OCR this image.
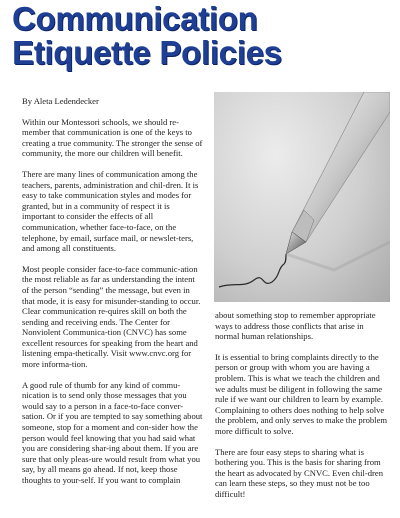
Communication
Etiquette Policies

By Aleta Ledendecker

Within our Montessori schools, we should re-member that communication is one of the keys to creating a true community. The stronger the sense of community, the more our children will benefit.

There are many lines of communication among the teachers, parents, administration and chil-dren. It is easy to take communication styles and modes for granted, but in a community of respect it is important to consider the effects of all communication, whether face-to-face, on the telephone, by email, surface mail, or newslet-ters, and among all constituents.

Most people consider face-to-face communic-ation the most reliable as far as understanding the intent of the person “sending” the message, but even in that mode, it is easy for misunder-standing to occur. Clear communication re-quires skill on both the sending and receiving ends. The Center for Nonviolent Communica-tion (CNVC) has some excellent resources for speaking from the heart and listening empa-thetically. Visit www.cnvc.org for more informa-tion.

A good rule of thumb for any kind of commu-nication is to send only those messages that you would say to a person in a face-to-face conver-sation. Or if you are tempted to say something about someone, stop for a moment and con-sider how the person would feel knowing that you had said what you are considering shar-ing about them. If you are sure that only pleas-ure would result from what you say, by all means go ahead. If not, keep those thoughts to your-self. If you want to complain

about something stop to remember appropriate ways to address those conflicts that arise in normal human relationships.

It is essential to bring complaints directly to the person or group with whom you are having a problem. This is what we teach the children and we adults must be diligent in following the same rule if we want our children to learn by example. Complaining to others does nothing to help solve the problem, and only serves to make the problem more difficult to solve.

There are four easy steps to sharing what is bothering you. This is the basis for sharing from the heart as advocated by CNVC. Even chil-dren can learn these steps, so they must not be too difficult!
